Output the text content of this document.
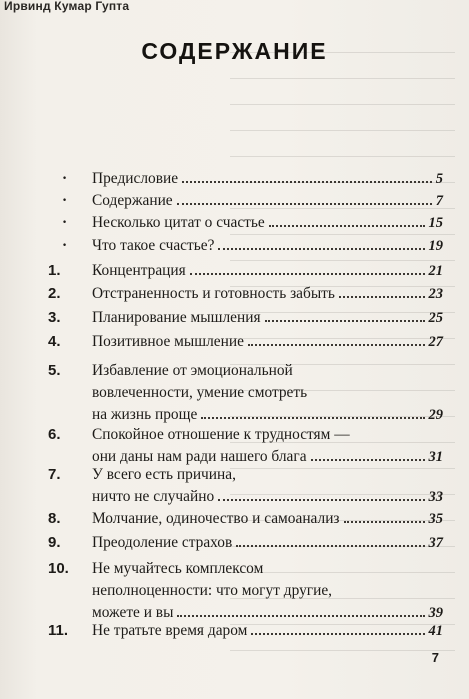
Ирвинд Кумар Гупта
СОДЕРЖАНИЕ
· Предисловие	5
· Содержание	7
· Несколько цитат о счастье	15
· Что такое счастье?	19
1.	Концентрация	21
2.	Отстраненность и готовность забыть	23
3.	Планирование мышления	25
4.	Позитивное мышление	27
5.	Избавление от эмоциональной
вовлеченности, умение смотреть
на жизнь проще	29
6.	Спокойное отношение к трудностям —
они даны нам ради нашего блага	31
7.	У всего есть причина,
ничто не случайно	33
8.	Молчание, одиночество и самоанализ	35
9.	Преодоление страхов	37
10.	Не мучайтесь комплексом
неполноценности: что могут другие,
можете и вы	39
11.	Не тратьте время даром	41
7
